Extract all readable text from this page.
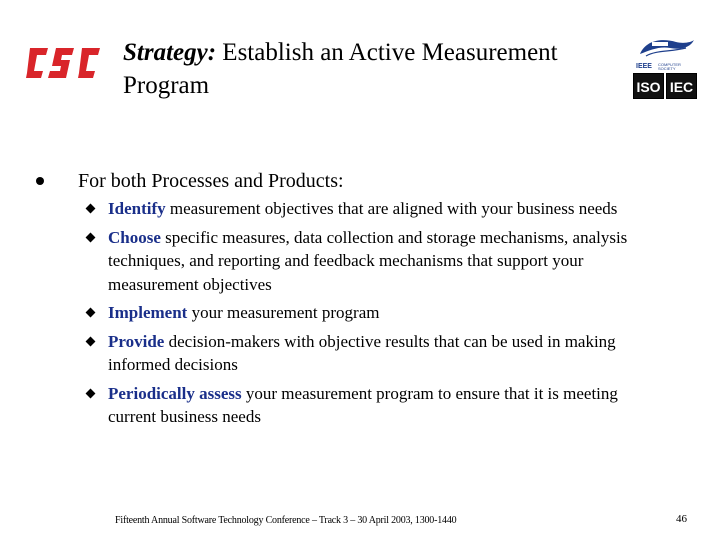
Strategy: Establish an Active Measurement Program
IEEE COMPUTER SOCIETY
ISO IEC
For both Processes and Products:
Identify measurement objectives that are aligned with your business needs
Choose specific measures, data collection and storage mechanisms, analysis techniques, and reporting and feedback mechanisms that support your measurement objectives
Implement your measurement program
Provide decision-makers with objective results that can be used in making informed decisions
Periodically assess your measurement program to ensure that it is meeting current business needs
Fifteenth Annual Software Technology Conference – Track 3 – 30 April 2003, 1300-1440	46
